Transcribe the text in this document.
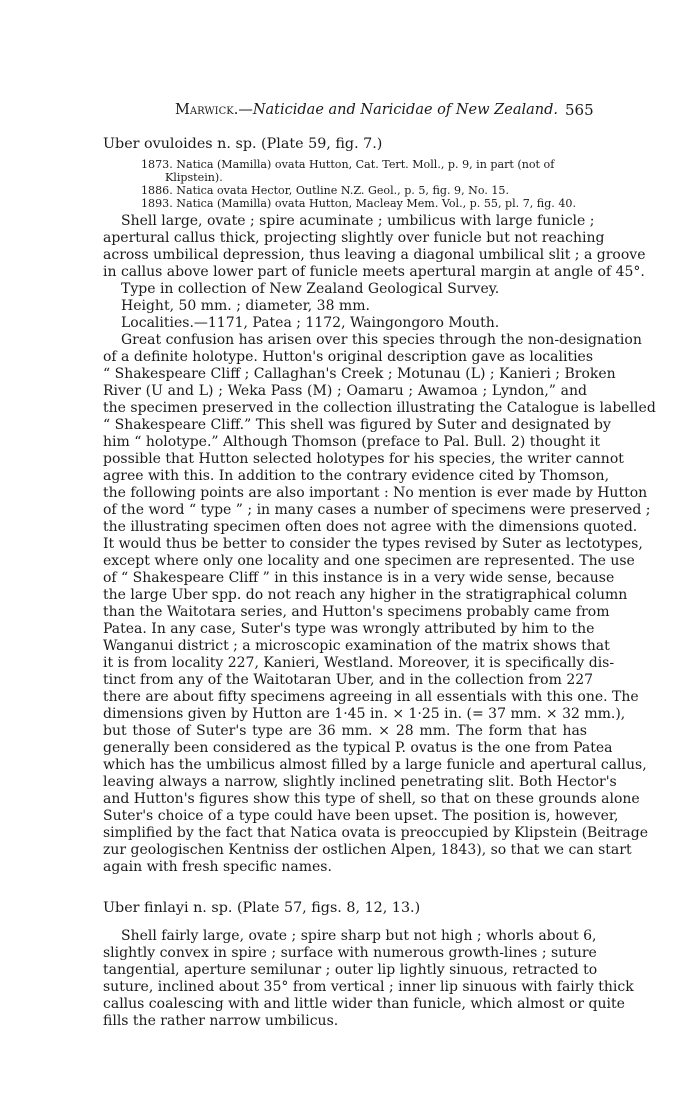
Marwick.—Naticidae and Naricidae of New Zealand. 565
Uber ovuloides n. sp. (Plate 59, fig. 7.)
1873. Natica (Mamilla) ovata Hutton, Cat. Tert. Moll., p. 9, in part (not of
Klipstein).
1886. Natica ovata Hector, Outline N.Z. Geol., p. 5, fig. 9, No. 15.
1893. Natica (Mamilla) ovata Hutton, Macleay Mem. Vol., p. 55, pl. 7, fig. 40.
Shell large, ovate ; spire acuminate ; umbilicus with large funicle ;
apertural callus thick, projecting slightly over funicle but not reaching
across umbilical depression, thus leaving a diagonal umbilical slit ; a groove
in callus above lower part of funicle meets apertural margin at angle of 45°.
Type in collection of New Zealand Geological Survey.
Height, 50 mm. ; diameter, 38 mm.
Localities.—1171, Patea ; 1172, Waingongoro Mouth.
Great confusion has arisen over this species through the non-designation
of a definite holotype. Hutton's original description gave as localities
“ Shakespeare Cliff ; Callaghan's Creek ; Motunau (L) ; Kanieri ; Broken
River (U and L) ; Weka Pass (M) ; Oamaru ; Awamoa ; Lyndon,” and
the specimen preserved in the collection illustrating the Catalogue is labelled
“ Shakespeare Cliff.” This shell was figured by Suter and designated by
him “ holotype.” Although Thomson (preface to Pal. Bull. 2) thought it
possible that Hutton selected holotypes for his species, the writer cannot
agree with this. In addition to the contrary evidence cited by Thomson,
the following points are also important : No mention is ever made by Hutton
of the word “ type ” ; in many cases a number of specimens were preserved ;
the illustrating specimen often does not agree with the dimensions quoted.
It would thus be better to consider the types revised by Suter as lectotypes,
except where only one locality and one specimen are represented. The use
of “ Shakespeare Cliff ” in this instance is in a very wide sense, because
the large Uber spp. do not reach any higher in the stratigraphical column
than the Waitotara series, and Hutton's specimens probably came from
Patea. In any case, Suter's type was wrongly attributed by him to the
Wanganui district ; a microscopic examination of the matrix shows that
it is from locality 227, Kanieri, Westland. Moreover, it is specifically dis-
tinct from any of the Waitotaran Uber, and in the collection from 227
there are about fifty specimens agreeing in all essentials with this one. The
dimensions given by Hutton are 1·45 in. × 1·25 in. (= 37 mm. × 32 mm.),
but those of Suter's type are 36 mm. × 28 mm. The form that has
generally been considered as the typical P. ovatus is the one from Patea
which has the umbilicus almost filled by a large funicle and apertural callus,
leaving always a narrow, slightly inclined penetrating slit. Both Hector's
and Hutton's figures show this type of shell, so that on these grounds alone
Suter's choice of a type could have been upset. The position is, however,
simplified by the fact that Natica ovata is preoccupied by Klipstein (Beitrage
zur geologischen Kentniss der ostlichen Alpen, 1843), so that we can start
again with fresh specific names.
Uber finlayi n. sp. (Plate 57, figs. 8, 12, 13.)
Shell fairly large, ovate ; spire sharp but not high ; whorls about 6,
slightly convex in spire ; surface with numerous growth-lines ; suture
tangential, aperture semilunar ; outer lip lightly sinuous, retracted to
suture, inclined about 35° from vertical ; inner lip sinuous with fairly thick
callus coalescing with and little wider than funicle, which almost or quite
fills the rather narrow umbilicus.
